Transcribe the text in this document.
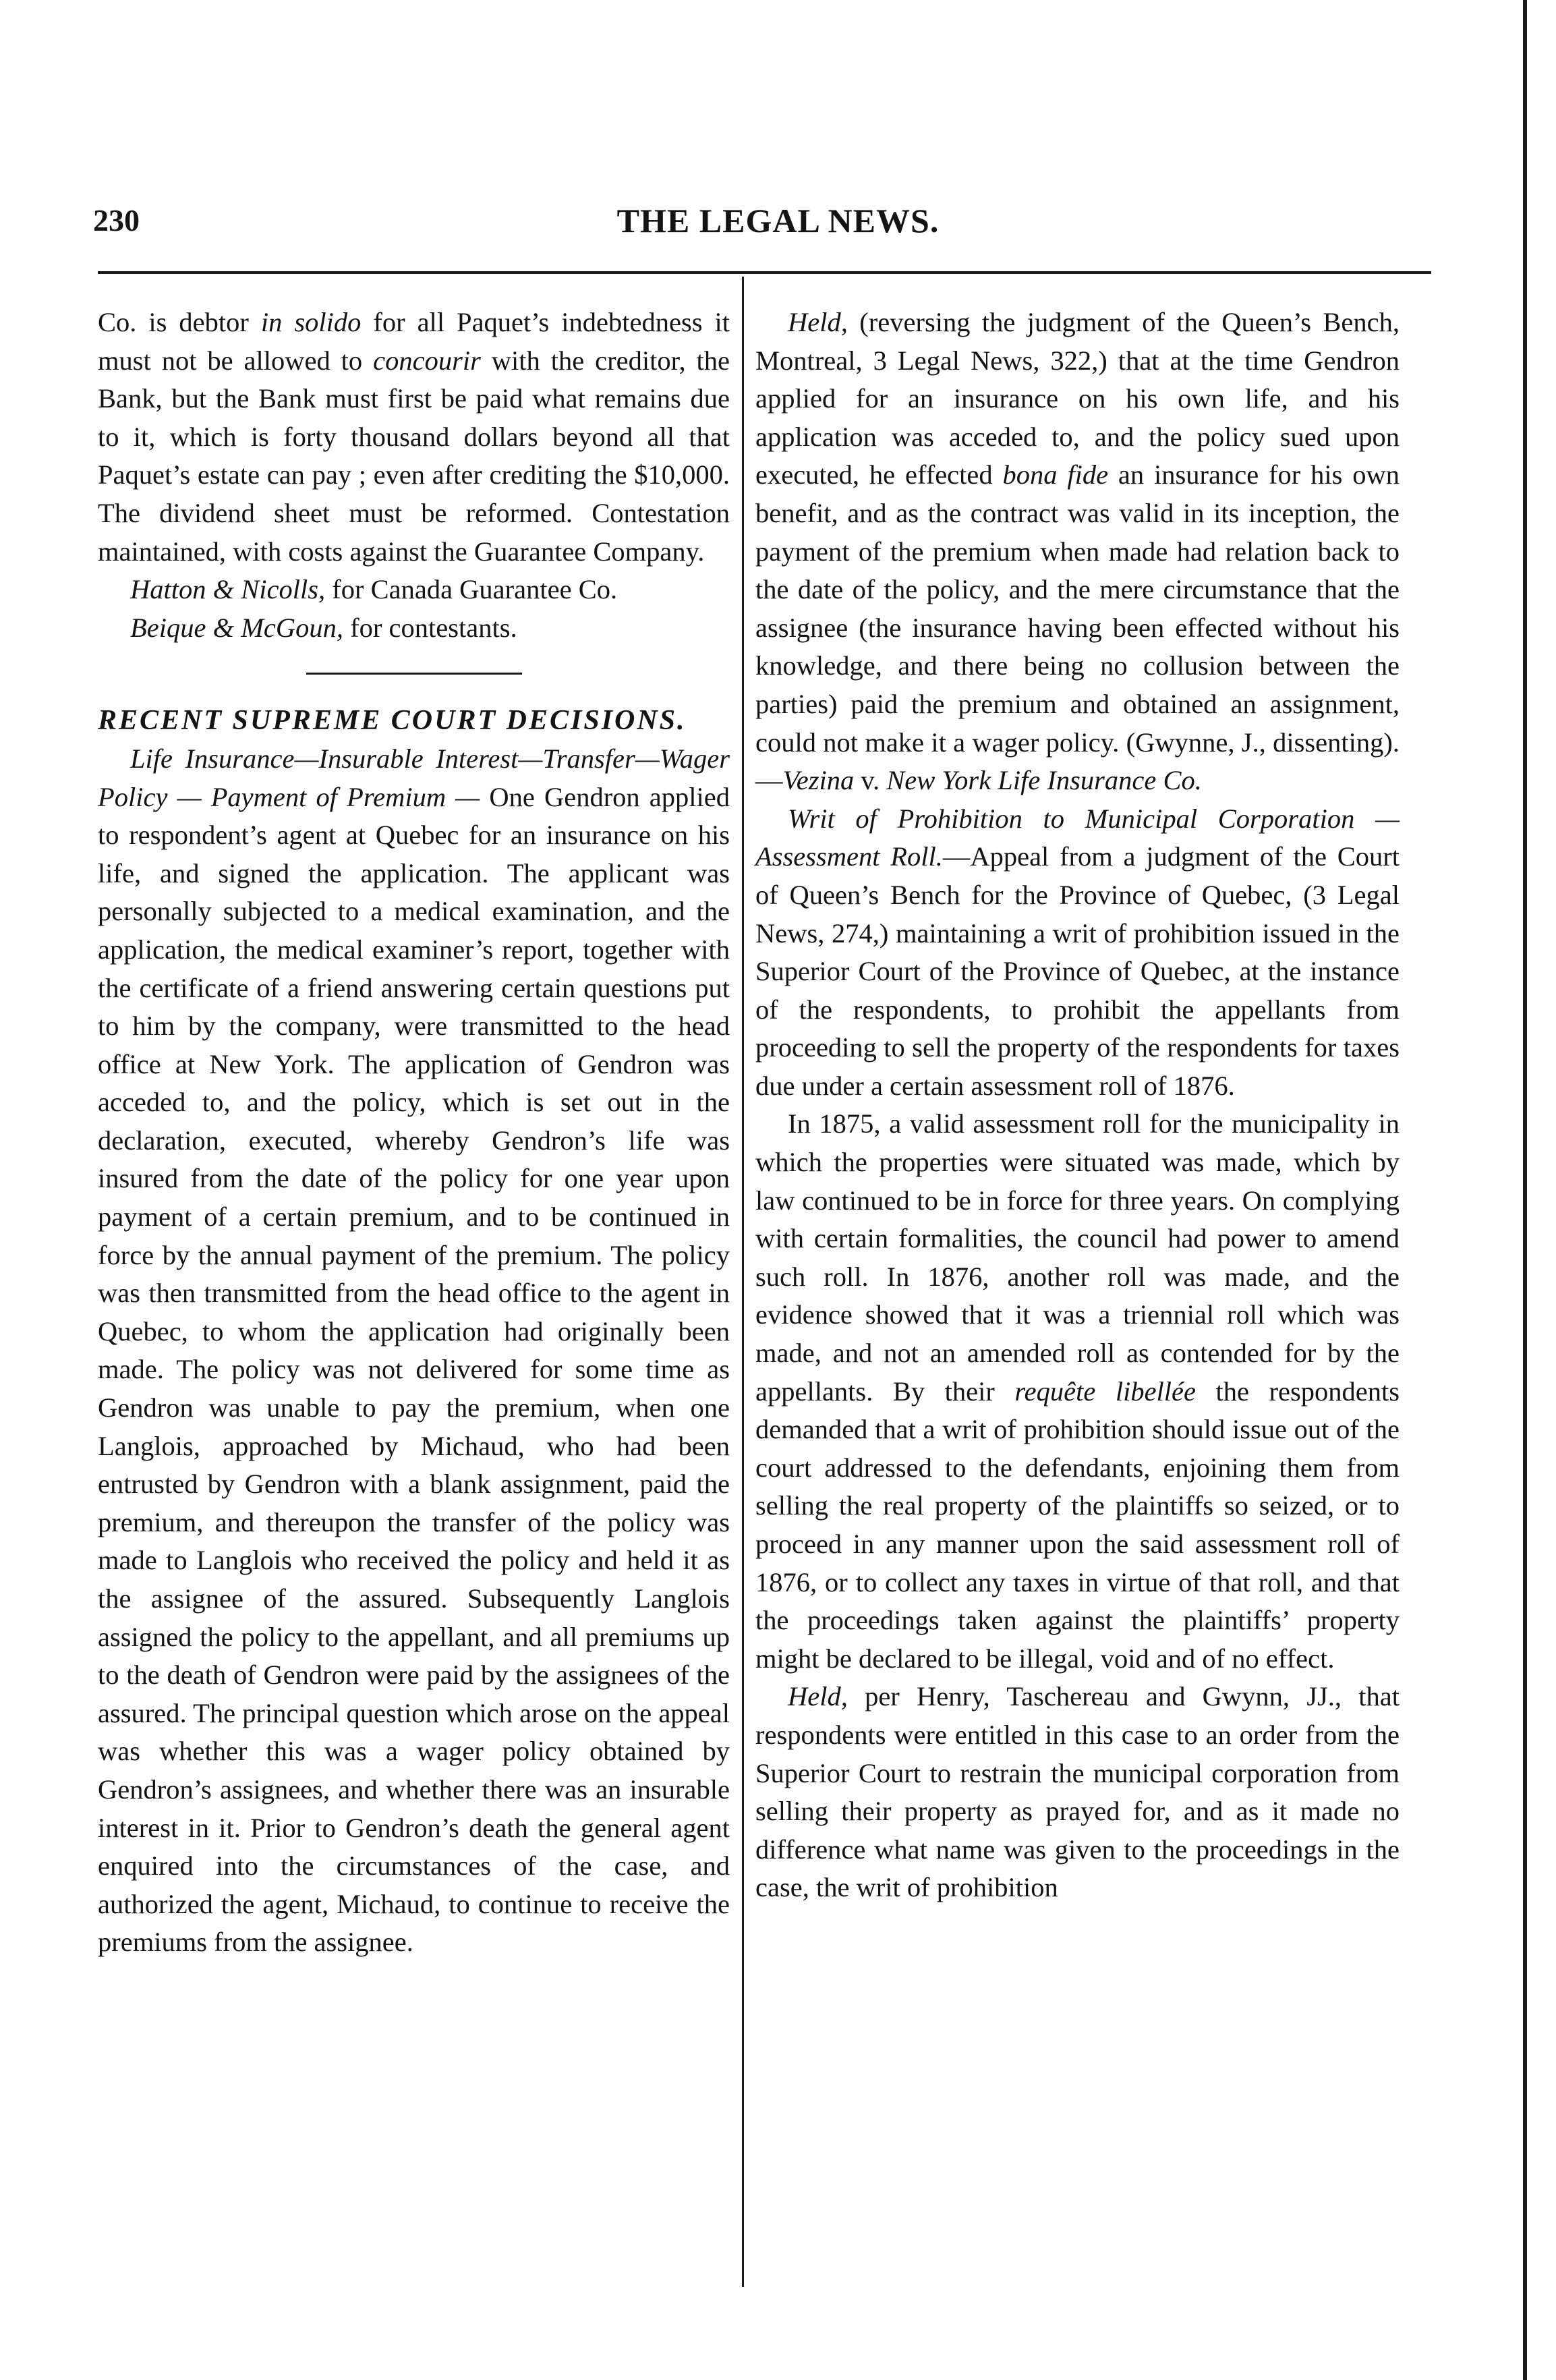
230	THE LEGAL NEWS.

Co. is debtor in solido for all Paquet’s indebtedness it must not be allowed to concourir with the creditor, the Bank, but the Bank must first be paid what remains due to it, which is forty thousand dollars beyond all that Paquet’s estate can pay ; even after crediting the $10,000. The dividend sheet must be reformed. Contestation maintained, with costs against the Guarantee Company.

Hatton & Nicolls, for Canada Guarantee Co.

Beique & McGoun, for contestants.

RECENT SUPREME COURT DECISIONS.

Life Insurance—Insurable Interest—Transfer—Wager Policy — Payment of Premium — One Gendron applied to respondent’s agent at Quebec for an insurance on his life, and signed the application. The applicant was personally subjected to a medical examination, and the application, the medical examiner’s report, together with the certificate of a friend answering certain questions put to him by the company, were transmitted to the head office at New York. The application of Gendron was acceded to, and the policy, which is set out in the declaration, executed, whereby Gendron’s life was insured from the date of the policy for one year upon payment of a certain premium, and to be continued in force by the annual payment of the premium. The policy was then transmitted from the head office to the agent in Quebec, to whom the application had originally been made. The policy was not delivered for some time as Gendron was unable to pay the premium, when one Langlois, approached by Michaud, who had been entrusted by Gendron with a blank assignment, paid the premium, and thereupon the transfer of the policy was made to Langlois who received the policy and held it as the assignee of the assured. Subsequently Langlois assigned the policy to the appellant, and all premiums up to the death of Gendron were paid by the assignees of the assured. The principal question which arose on the appeal was whether this was a wager policy obtained by Gendron’s assignees, and whether there was an insurable interest in it. Prior to Gendron’s death the general agent enquired into the circumstances of the case, and authorized the agent, Michaud, to continue to receive the premiums from the assignee.

Held, (reversing the judgment of the Queen’s Bench, Montreal, 3 Legal News, 322,) that at the time Gendron applied for an insurance on his own life, and his application was acceded to, and the policy sued upon executed, he effected bona fide an insurance for his own benefit, and as the contract was valid in its inception, the payment of the premium when made had relation back to the date of the policy, and the mere circumstance that the assignee (the insurance having been effected without his knowledge, and there being no collusion between the parties) paid the premium and obtained an assignment, could not make it a wager policy. (Gwynne, J., dissenting).—Vezina v. New York Life Insurance Co.

Writ of Prohibition to Municipal Corporation —Assessment Roll.—Appeal from a judgment of the Court of Queen’s Bench for the Province of Quebec, (3 Legal News, 274,) maintaining a writ of prohibition issued in the Superior Court of the Province of Quebec, at the instance of the respondents, to prohibit the appellants from proceeding to sell the property of the respondents for taxes due under a certain assessment roll of 1876.

In 1875, a valid assessment roll for the municipality in which the properties were situated was made, which by law continued to be in force for three years. On complying with certain formalities, the council had power to amend such roll. In 1876, another roll was made, and the evidence showed that it was a triennial roll which was made, and not an amended roll as contended for by the appellants. By their requête libellée the respondents demanded that a writ of prohibition should issue out of the court addressed to the defendants, enjoining them from selling the real property of the plaintiffs so seized, or to proceed in any manner upon the said assessment roll of 1876, or to collect any taxes in virtue of that roll, and that the proceedings taken against the plaintiffs’ property might be declared to be illegal, void and of no effect.

Held, per Henry, Taschereau and Gwynn, JJ., that respondents were entitled in this case to an order from the Superior Court to restrain the municipal corporation from selling their property as prayed for, and as it made no difference what name was given to the proceedings in the case, the writ of prohibition
